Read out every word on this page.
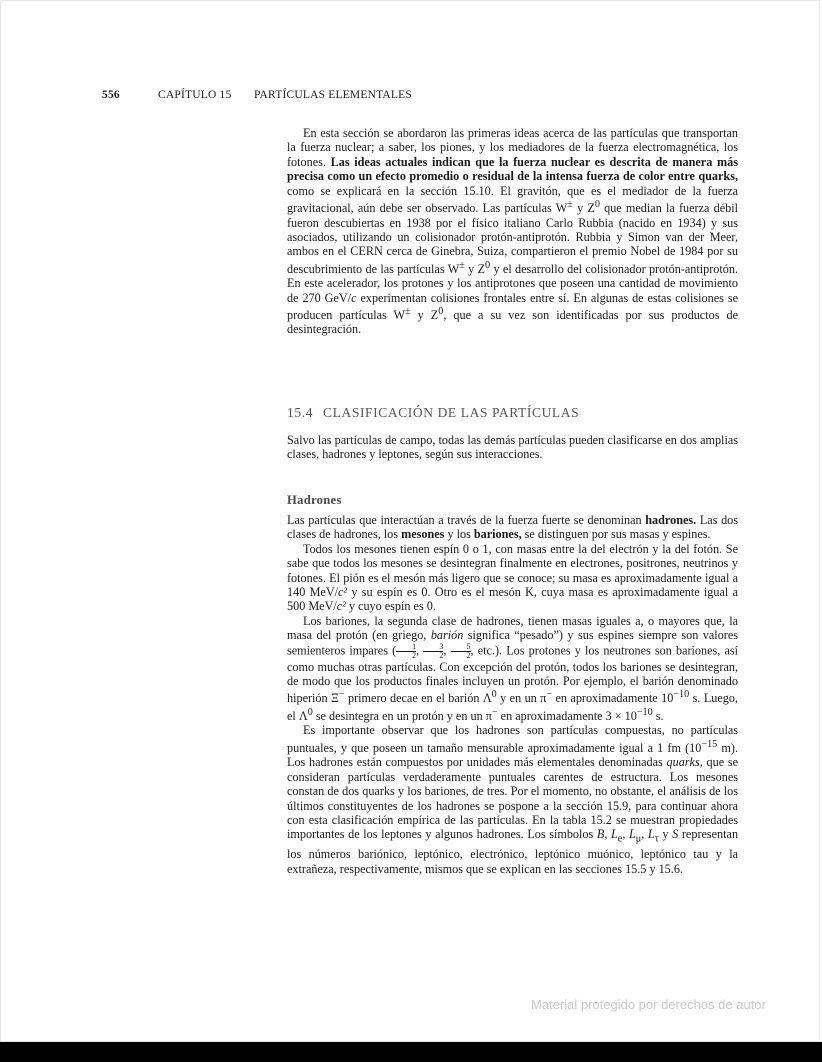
556	CAPÍTULO 15	PARTÍCULAS ELEMENTALES

En esta sección se abordaron las primeras ideas acerca de las partículas que transportan la fuerza nuclear; a saber, los piones, y los mediadores de la fuerza electromagnética, los fotones. Las ideas actuales indican que la fuerza nuclear es descrita de manera más precisa como un efecto promedio o residual de la intensa fuerza de color entre quarks, como se explicará en la sección 15.10. El gravitón, que es el mediador de la fuerza gravitacional, aún debe ser observado. Las partículas W± y $Z^0$ que median la fuerza débil fueron descubiertas en 1938 por el físico italiano Carlo Rubbia (nacido en 1934) y sus asociados, utilizando un colisionador protón-antiprotón. Rubbia y Simon van der Meer, ambos en el CERN cerca de Ginebra, Suiza, compartieron el premio Nobel de 1984 por su descubrimiento de las partículas W± y $Z^0$ y el desarrollo del colisionador protón-antiprotón. En este acelerador, los protones y los antiprotones que poseen una cantidad de movimiento de 270 GeV/c experimentan colisiones frontales entre sí. En algunas de estas colisiones se producen partículas W± y $Z^0$, que a su vez son identificadas por sus productos de desintegración.

15.4 CLASIFICACIÓN DE LAS PARTÍCULAS

Salvo las partículas de campo, todas las demás partículas pueden clasificarse en dos amplias clases, hadrones y leptones, según sus interacciones.

Hadrones

Las partículas que interactúan a través de la fuerza fuerte se denominan hadrones. Las dos clases de hadrones, los mesones y los bariones, se distinguen por sus masas y espines.

Todos los mesones tienen espín 0 o 1, con masas entre la del electrón y la del fotón. Se sabe que todos los mesones se desintegran finalmente en electrones, positrones, neutrinos y fotones. El pión es el mesón más ligero que se conoce; su masa es aproximadamente igual a 140 MeV/c² y su espín es 0. Otro es el mesón K, cuya masa es aproximadamente igual a 500 MeV/c² y cuyo espín es 0.

Los bariones, la segunda clase de hadrones, tienen masas iguales a, o mayores que, la masa del protón (en griego, barión significa “pesado”) y sus espines siempre son valores semienteros impares ( $\frac{1}{2}$ , $\frac{3}{2}$ , $\frac{5}{2}$ , etc.). Los protones y los neutrones son bariones, así como muchas otras partículas. Con excepción del protón, todos los bariones se desintegran, de modo que los productos finales incluyen un protón. Por ejemplo, el barión denominado hiperión Ξ− primero decae en el barión $\Lambda^0$ y en un π− en aproximadamente $10^{-10}$ s. Luego, el $\Lambda^0$ se desintegra en un protón y en un π− en aproximadamente $3 \times 10^{-10}$ s.

Es importante observar que los hadrones son partículas compuestas, no partículas puntuales, y que poseen un tamaño mensurable aproximadamente igual a 1 fm ($10^{-15}$ m). Los hadrones están compuestos por unidades más elementales denominadas quarks, que se consideran partículas verdaderamente puntuales carentes de estructura. Los mesones constan de dos quarks y los bariones, de tres. Por el momento, no obstante, el análisis de los últimos constituyentes de los hadrones se pospone a la sección 15.9, para continuar ahora con esta clasificación empírica de las partículas. En la tabla 15.2 se muestran propiedades importantes de los leptones y algunos hadrones. Los símbolos B, $L_e$, $L_\mu$, $L_\tau$ y S representan los números bariónico, leptónico, electrónico, leptónico muónico, leptónico tau y la extrañeza, respectivamente, mismos que se explican en las secciones 15.5 y 15.6.

Material protegido por derechos de autor
